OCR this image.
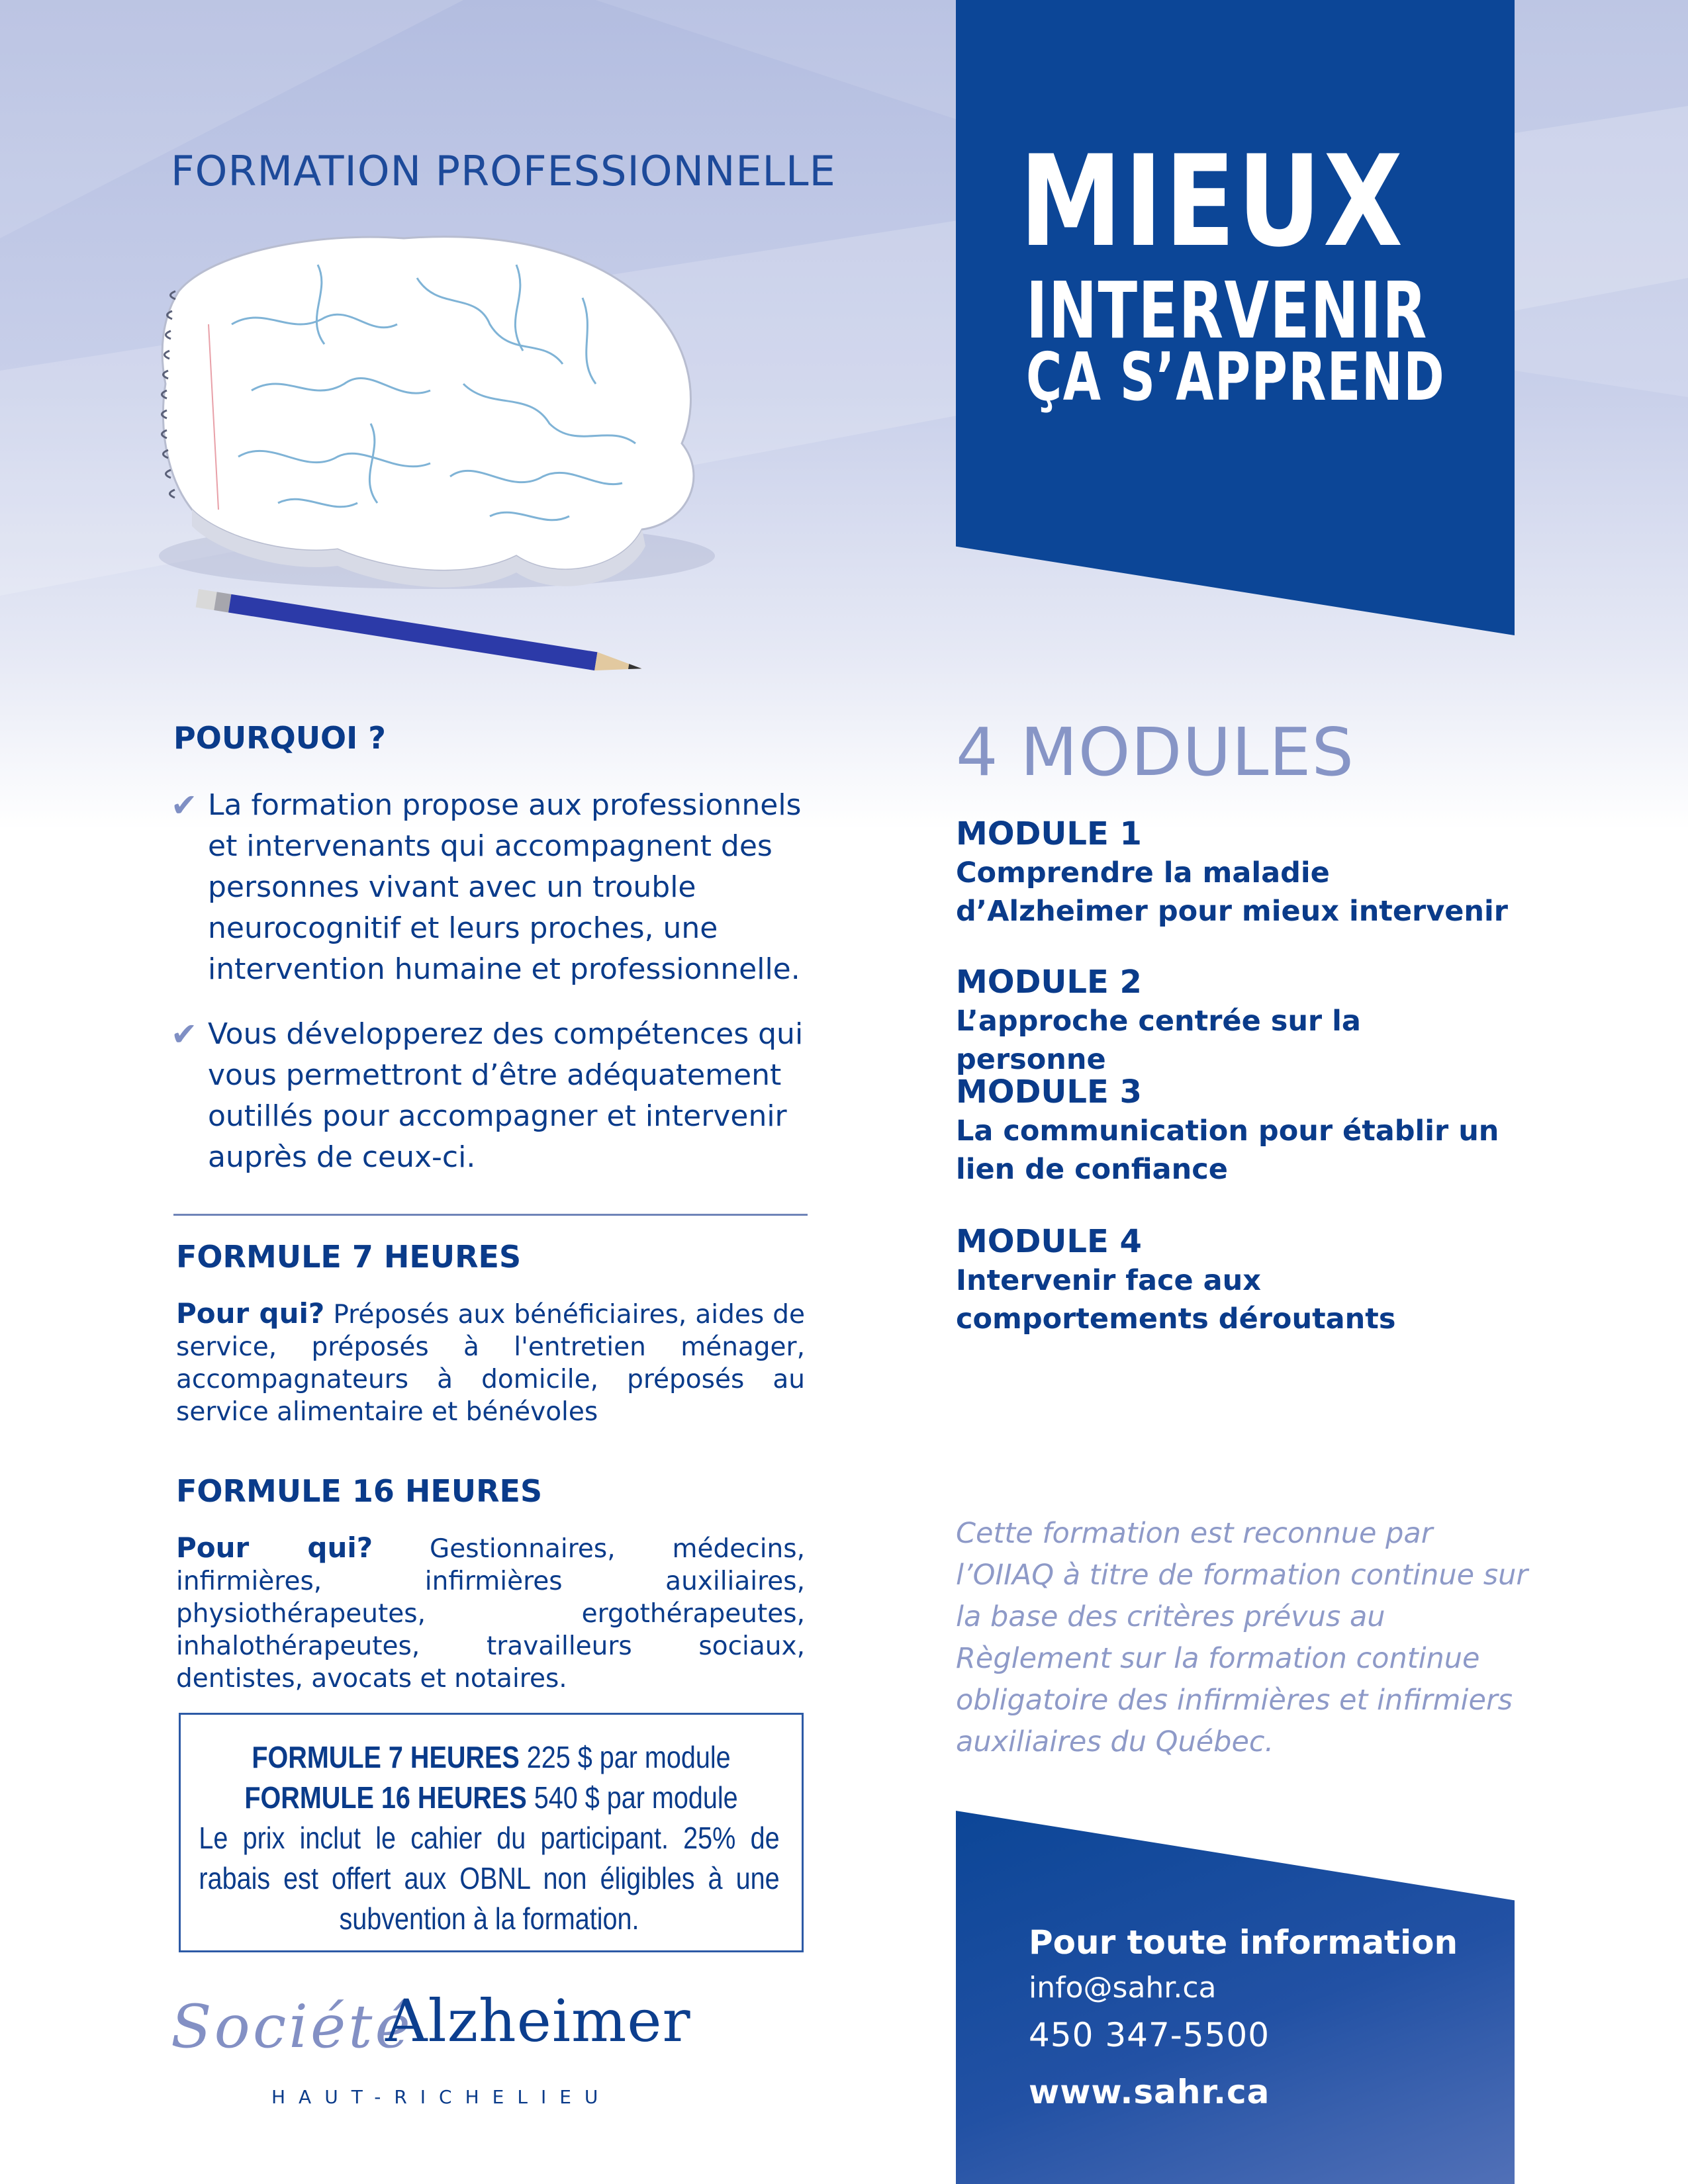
FORMATION PROFESSIONNELLE MIEUX
INTERVENIR
ÇA S’APPREND
POURQUOI ?
✔ La formation propose aux professionnels et intervenants qui accompagnent des personnes vivant avec un trouble neurocognitif et leurs proches, une intervention humaine et professionnelle.
✔ Vous développerez des compétences qui vous permettront d’être adéquatement outillés pour accompagner et intervenir auprès de ceux-ci.
FORMULE 7 HEURES
Pour qui? Préposés aux bénéficiaires, aides de service, préposés à l'entretien ménager, accompagnateurs à domicile, préposés au service alimentaire et bénévoles
FORMULE 16 HEURES
Pour qui? Gestionnaires, médecins, infirmières, infirmières auxiliaires, physiothérapeutes, ergothérapeutes, inhalothérapeutes, travailleurs sociaux, dentistes, avocats et notaires.
FORMULE 7 HEURES 225 $ par module
FORMULE 16 HEURES 540 $ par module
Le prix inclut le cahier du participant. 25% de rabais est offert aux OBNL non éligibles à une subvention à la formation.
Société
Alzheimer
HAUT-RICHELIEU
4 MODULES
MODULE 1
Comprendre la maladie d’Alzheimer pour mieux intervenir
MODULE 2
L’approche centrée sur la personne
MODULE 3
La communication pour établir un lien de confiance
MODULE 4
Intervenir face aux comportements déroutants
Cette formation est reconnue par l’OIIAQ à titre de formation continue sur la base des critères prévus au Règlement sur la formation continue obligatoire des infirmières et infirmiers auxiliaires du Québec.
Pour toute information
info@sahr.ca
450 347-5500
www.sahr.ca
